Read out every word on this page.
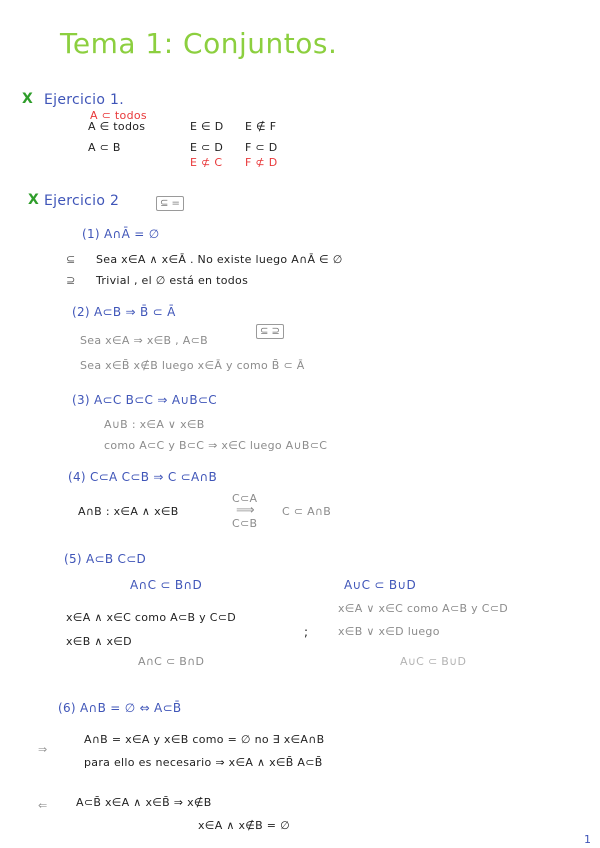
Tema 1: Conjuntos.
X Ejercicio 1.
A ⊂ todos
A ∈ todos	E ∈ D E ∉ F
A ⊂ B	E ⊂ D F ⊂ D
E ⊄ C F ⊄ D
X Ejercicio 2	⊆ =
(1) A∩Ā = ∅
⊆ Sea x∈A ∧ x∈Ā . No existe luego A∩Ā ∈ ∅
⊇ Trivial , el ∅ está en todos
(2) A⊂B ⇒ B̄ ⊂ Ā
Sea x∈A ⇒ x∈B , A⊂B
⊆ ⊇
Sea x∈B̄ x∉B luego x∈Ā y como B̄ ⊂ Ā
(3) A⊂C B⊂C ⇒ A∪B⊂C
A∪B : x∈A ∨ x∈B
como A⊂C y B⊂C ⇒ x∈C luego A∪B⊂C
(4) C⊂A C⊂B ⇒ C ⊂A∩B
A∩B : x∈A ∧ x∈B
C⊂A
⟹
C⊂B
C ⊂ A∩B
(5) A⊂B C⊂D
A∩C ⊂ B∩D	A∪C ⊂ B∪D
x∈A ∧ x∈C como A⊂B y C⊂D
x∈B ∧ x∈D
A∩C ⊂ B∩D
;
x∈A ∨ x∈C como A⊂B y C⊂D
x∈B ∨ x∈D luego
A∪C ⊂ B∪D
(6) A∩B = ∅ ⇔ A⊂B̄
⇒
A∩B = x∈A y x∈B como = ∅ no ∃ x∈A∩B
para ello es necesario ⇒ x∈A ∧ x∈B̄ A⊂B̄
⇐	A⊂B̄ x∈A ∧ x∈B̄ ⇒ x∉B
x∈A ∧ x∉B = ∅
1
